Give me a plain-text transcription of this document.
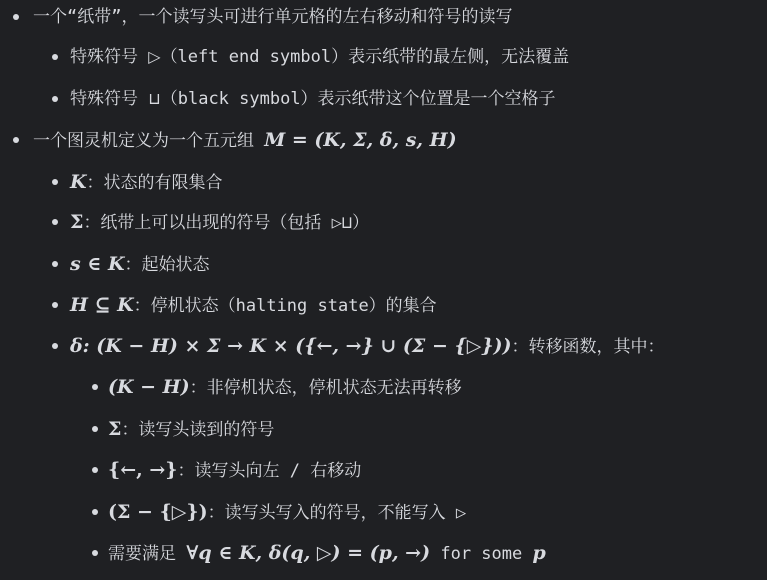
一个“纸带”，一个读写头可进行单元格的左右移动和符号的读写
特殊符号 ▷（left end symbol）表示纸带的最左侧，无法覆盖
特殊符号 ⊔（black symbol）表示纸带这个位置是一个空格子
一个图灵机定义为一个五元组 M = (K, Σ, δ, s, H)
K：状态的有限集合
Σ：纸带上可以出现的符号（包括 ▷⊔）
s ∈ K：起始状态
H ⊆ K：停机状态（halting state）的集合
δ: (K − H) × Σ → K × ({←, →} ∪ (Σ − {▷}))：转移函数，其中：
(K − H)：非停机状态，停机状态无法再转移
Σ：读写头读到的符号
{←, →}：读写头向左 / 右移动
(Σ − {▷})：读写头写入的符号，不能写入 ▷
需要满足 ∀q ∈ K, δ(q, ▷) = (p, →) for some p
